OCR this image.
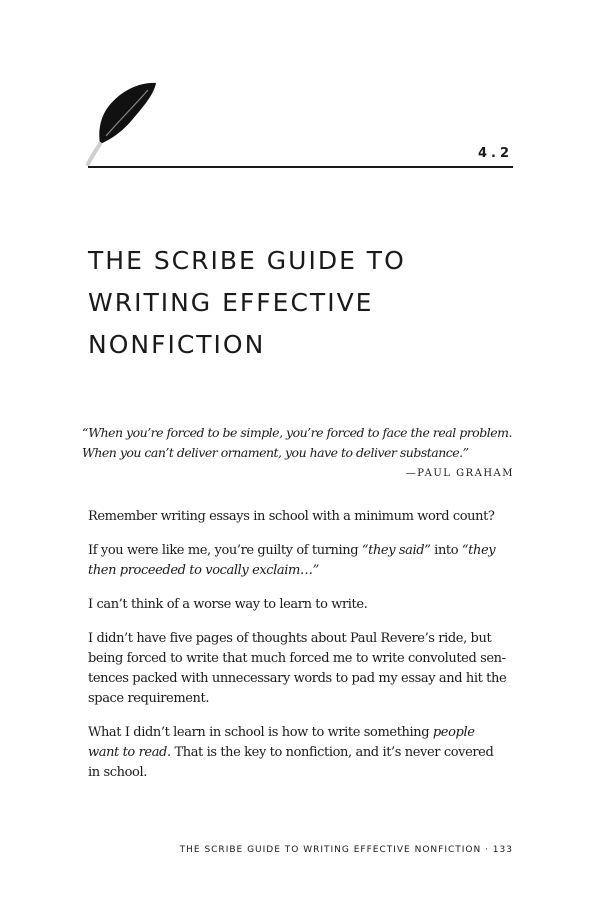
4.2
THE SCRIBE GUIDE TO
WRITING EFFECTIVE
NONFICTION
“When you’re forced to be simple, you’re forced to face the real problem.
When you can’t deliver ornament, you have to deliver substance.”
—PAUL GRAHAM

Remember writing essays in school with a minimum word count?

If you were like me, you’re guilty of turning “they said” into “they
then proceeded to vocally exclaim…”

I can’t think of a worse way to learn to write.

I didn’t have five pages of thoughts about Paul Revere’s ride, but
being forced to write that much forced me to write convoluted sen-
tences packed with unnecessary words to pad my essay and hit the
space requirement.

What I didn’t learn in school is how to write something people
want to read. That is the key to nonfiction, and it’s never covered
in school.

THE SCRIBE GUIDE TO WRITING EFFECTIVE NONFICTION · 133
